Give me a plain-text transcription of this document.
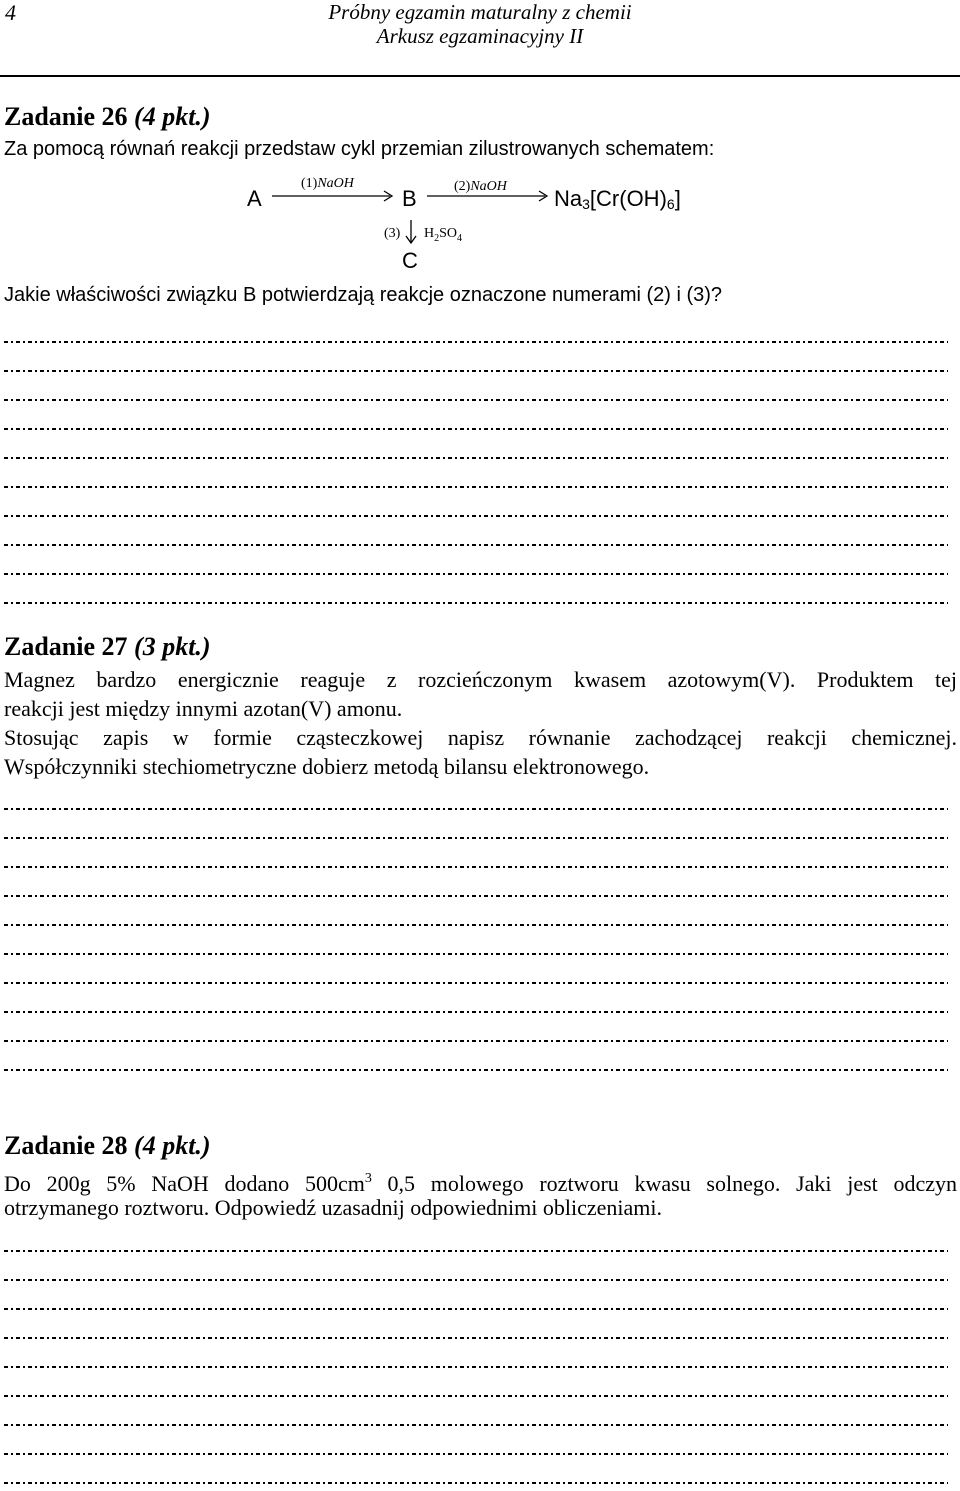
4	Próbny egzamin maturalny z chemii
Arkusz egzaminacyjny II
Zadanie 26 (4 pkt.)
Za pomocą równań reakcji przedstaw cykl przemian zilustrowanych schematem:
A
(1)NaOH
B	(2)NaOH $Na_3[Cr(OH)_6]$
(3) $H_2SO_4$
C
Jakie właściwości związku B potwierdzają reakcje oznaczone numerami (2) i (3)?
Zadanie 27 (3 pkt.)
Magnez bardzo energicznie reaguje z rozcieńczonym kwasem azotowym(V). Produktem tej
reakcji jest między innymi azotan(V) amonu.
Stosując zapis w formie cząsteczkowej napisz równanie zachodzącej reakcji chemicznej.
Współczynniki stechiometryczne dobierz metodą bilansu elektronowego.
Zadanie 28 (4 pkt.)
Do 200g 5% NaOH dodano $500cm^3$ 0,5 molowego roztworu kwasu solnego. Jaki jest odczyn
otrzymanego roztworu. Odpowiedź uzasadnij odpowiednimi obliczeniami.
